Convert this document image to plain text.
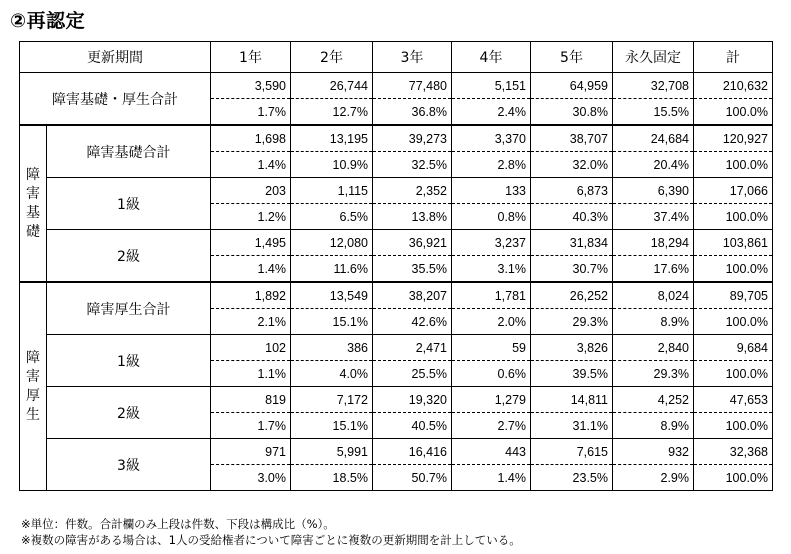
②再認定
更新期間		1年	2年	3年	4年	5年	永久固定	計
障害基礎・厚生合計		3,590	26,744	77,480	5,151	64,959	32,708	210,632
		1.7%	12.7%	36.8%	2.4%	30.8%	15.5%	100.0%

障
害
基
礎	障害基礎合計	1,698	13,195	39,273	3,370	38,707	24,684	120,927
		1.4%	10.9%	32.5%	2.8%	32.0%	20.4%	100.0%
	1級	203	1,115	2,352	133	6,873	6,390	17,066
		1.2%	6.5%	13.8%	0.8%	40.3%	37.4%	100.0%
	2級	1,495	12,080	36,921	3,237	31,834	18,294	103,861
		1.4%	11.6%	35.5%	3.1%	30.7%	17.6%	100.0%

障
害
厚
生	障害厚生合計	1,892	13,549	38,207	1,781	26,252	8,024	89,705
		2.1%	15.1%	42.6%	2.0%	29.3%	8.9%	100.0%
	1級	102	386	2,471	59	3,826	2,840	9,684
		1.1%	4.0%	25.5%	0.6%	39.5%	29.3%	100.0%
	2級	819	7,172	19,320	1,279	14,811	4,252	47,653
		1.7%	15.1%	40.5%	2.7%	31.1%	8.9%	100.0%
	3級	971	5,991	16,416	443	7,615	932	32,368
		3.0%	18.5%	50.7%	1.4%	23.5%	2.9%	100.0%
※単位：件数。合計欄のみ上段は件数、下段は構成比（%）。
※複数の障害がある場合は、1人の受給権者について障害ごとに複数の更新期間を計上している。
